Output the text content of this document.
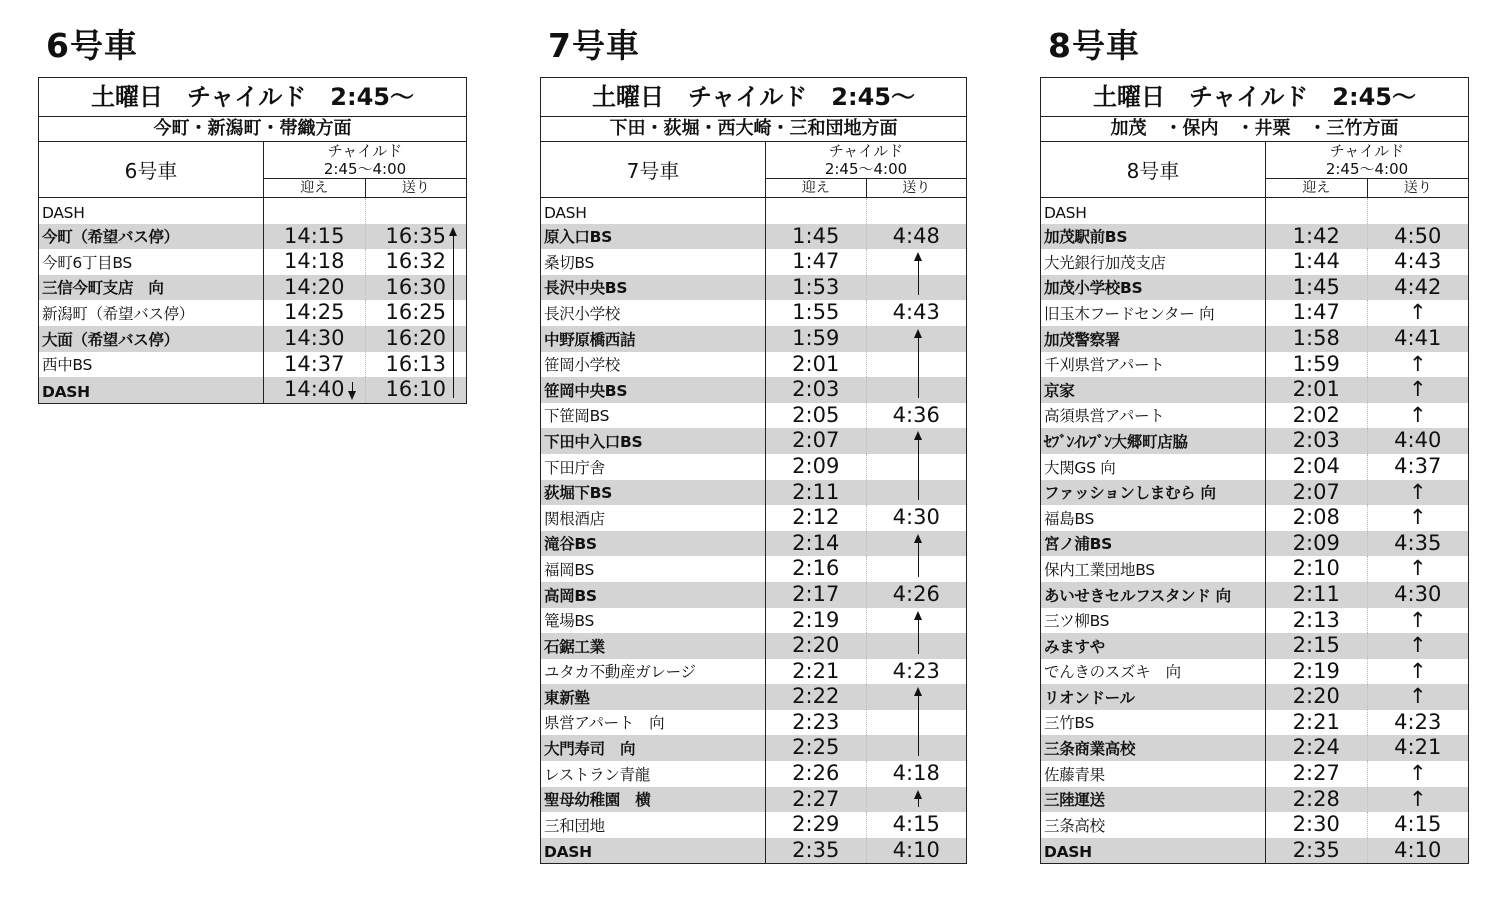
6号車
土曜日　チャイルド　2:45～
今町・新潟町・帯織方面
6号車
チャイルド
2:45～4:00
迎え	送り
DASH
今町（希望バス停）	14:15	16:35
今町6丁目BS	14:18	16:32
三信今町支店　向	14:20	16:30
新潟町（希望バス停）	14:25	16:25
大面（希望バス停）	14:30	16:20
西中BS	14:37	16:13
DASH	14:40	16:10
7号車
土曜日　チャイルド　2:45～
下田・荻堀・西大崎・三和団地方面
7号車
チャイルド
2:45～4:00
迎え	送り
DASH
原入口BS	1:45	4:48
桑切BS	1:47
長沢中央BS	1:53
長沢小学校	1:55	4:43
中野原橋西詰	1:59
笹岡小学校	2:01
笹岡中央BS	2:03
下笹岡BS	2:05	4:36
下田中入口BS	2:07
下田庁舎	2:09
荻堀下BS	2:11
関根酒店	2:12	4:30
滝谷BS	2:14
福岡BS	2:16
高岡BS	2:17	4:26
篭場BS	2:19
石鋸工業	2:20
ユタカ不動産ガレージ	2:21	4:23
東新塾	2:22
県営アパート　向	2:23
大門寿司　向	2:25
レストラン青龍	2:26	4:18
聖母幼稚園　横	2:27
三和団地	2:29	4:15
DASH	2:35	4:10
8号車
土曜日　チャイルド　2:45～
加茂　・保内　・井栗　・三竹方面
8号車
チャイルド
2:45～4:00
迎え	送り
DASH
加茂駅前BS	1:42	4:50
大光銀行加茂支店	1:44	4:43
加茂小学校BS	1:45	4:42
旧玉木フードセンター 向	1:47	↑
加茂警察署	1:58	4:41
千刈県営アパート	1:59	↑
京家	2:01	↑
高須県営アパート	2:02	↑
ｾﾌﾞﾝｲﾚﾌﾞﾝ大郷町店脇	2:03	4:40
大関GS 向	2:04	4:37
ファッションしまむら 向	2:07	↑
福島BS	2:08	↑
宮ノ浦BS	2:09	4:35
保内工業団地BS	2:10	↑
あいせきセルフスタンド 向	2:11	4:30
三ツ柳BS	2:13	↑
みますや	2:15	↑
でんきのスズキ　向	2:19	↑
リオンドール	2:20	↑
三竹BS	2:21	4:23
三条商業高校	2:24	4:21
佐藤青果	2:27	↑
三陸運送	2:28	↑
三条高校	2:30	4:15
DASH	2:35	4:10
